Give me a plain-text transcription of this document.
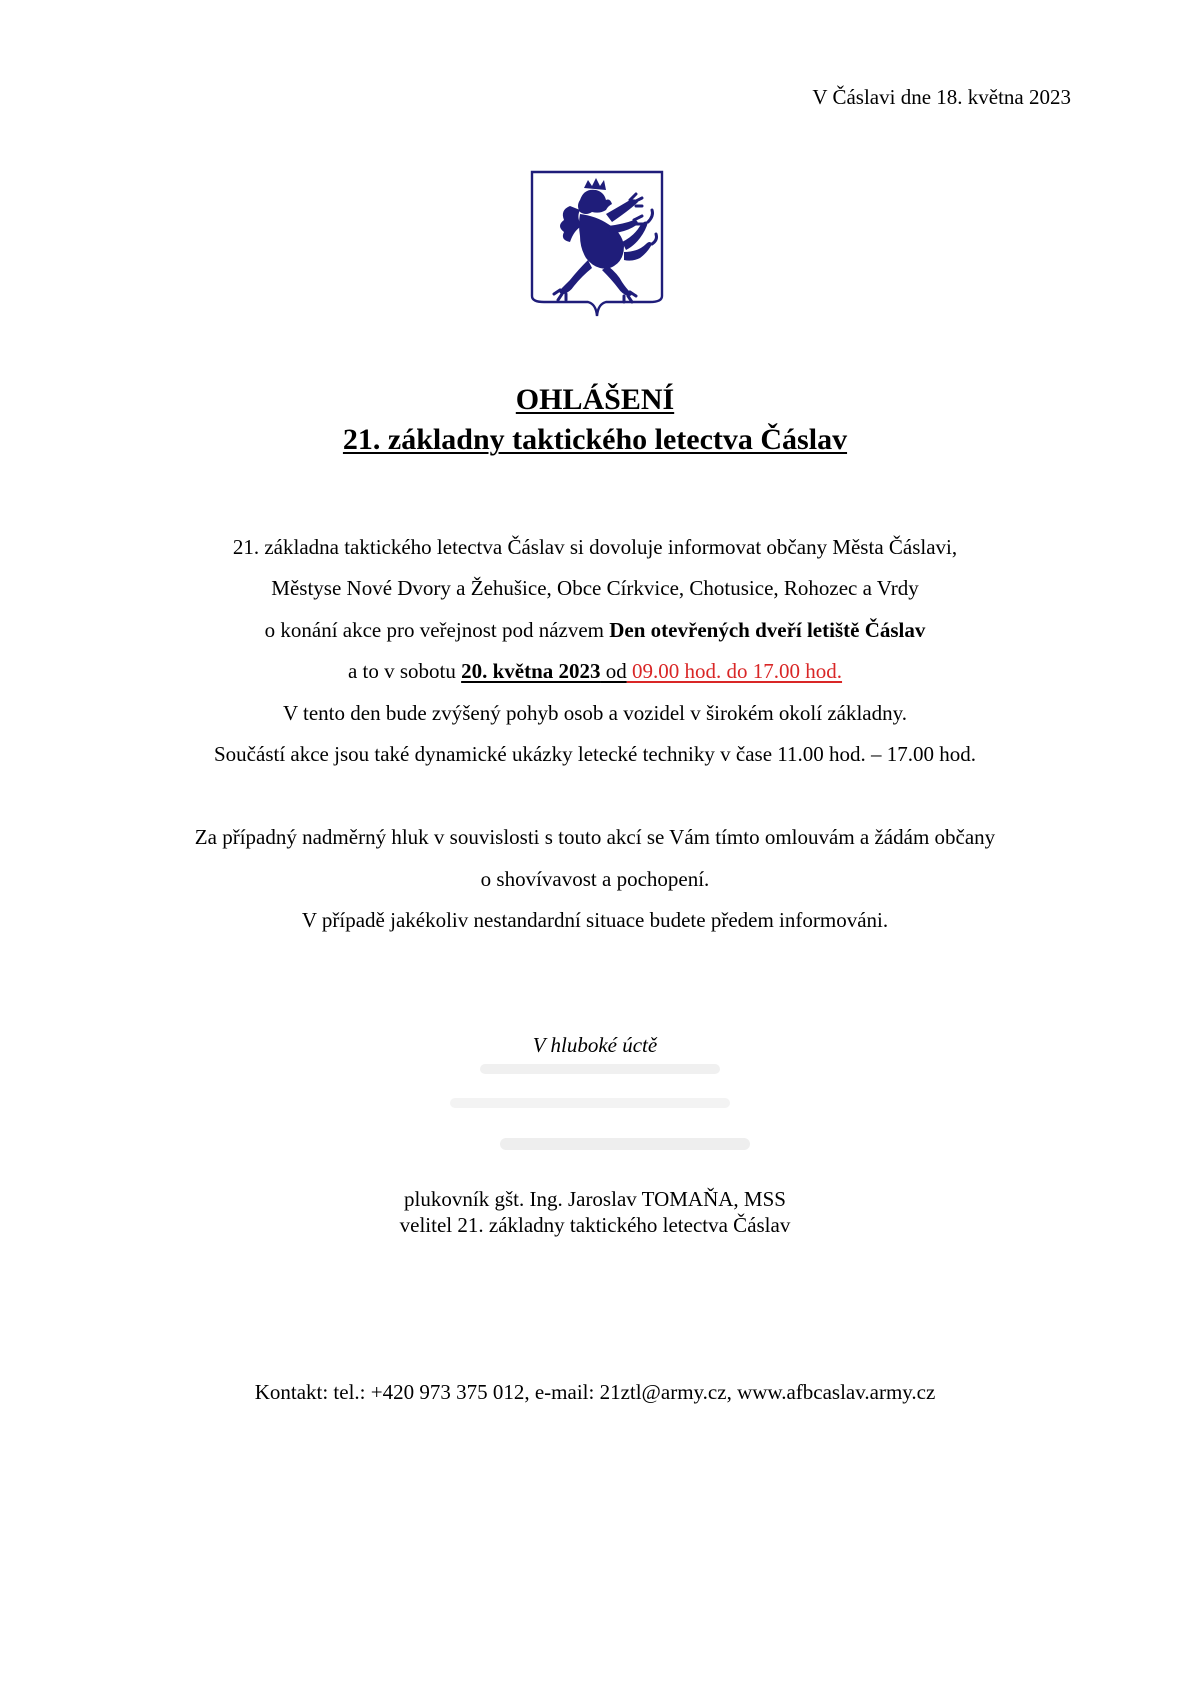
V Čáslavi dne 18. května 2023
OHLÁŠENÍ
21. základny taktického letectva Čáslav

21. základna taktického letectva Čáslav si dovoluje informovat občany Města Čáslavi,

Městyse Nové Dvory a Žehušice, Obce Církvice, Chotusice, Rohozec a Vrdy

o konání akce pro veřejnost pod názvem Den otevřených dveří letiště Čáslav

a to v sobotu 20. května 2023 od 09.00 hod. do 17.00 hod.

V tento den bude zvýšený pohyb osob a vozidel v širokém okolí základny.

Součástí akce jsou také dynamické ukázky letecké techniky v čase 11.00 hod. – 17.00 hod.

Za případný nadměrný hluk v souvislosti s touto akcí se Vám tímto omlouvám a žádám občany

o shovívavost a pochopení.

V případě jakékoliv nestandardní situace budete předem informováni.

V hluboké úctě
plukovník gšt. Ing. Jaroslav TOMAŇA, MSS
velitel 21. základny taktického letectva Čáslav
Kontakt: tel.: +420 973 375 012, e-mail: 21ztl@army.cz, www.afbcaslav.army.cz
